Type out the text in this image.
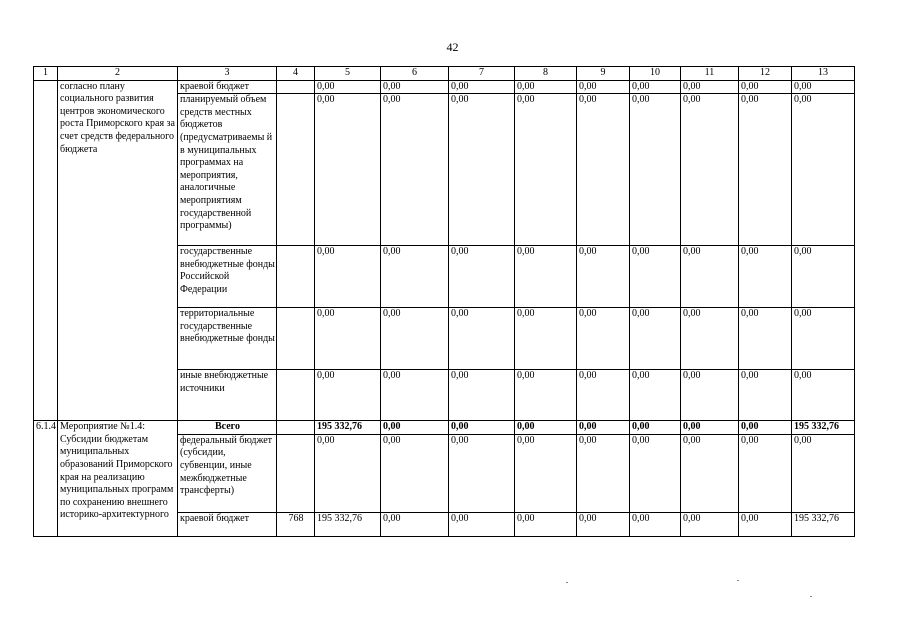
42
1	2	3	4	5	6	7	8	9	10	11	12	13
	согласно плану социального развития центров экономического роста Приморского края за счет средств федерального бюджета	краевой бюджет		0,00	0,00	0,00	0,00	0,00	0,00	0,00	0,00	0,00
		планируемый объем средств местных бюджетов (предусматриваемы й в муниципальных программах на мероприятия, аналогичные мероприятиям государственной программы)		0,00	0,00	0,00	0,00	0,00	0,00	0,00	0,00	0,00
		государственные внебюджетные фонды Российской Федерации		0,00	0,00	0,00	0,00	0,00	0,00	0,00	0,00	0,00
		территориальные государственные внебюджетные фонды		0,00	0,00	0,00	0,00	0,00	0,00	0,00	0,00	0,00
		иные внебюджетные источники		0,00	0,00	0,00	0,00	0,00	0,00	0,00	0,00	0,00
6.1.4	Мероприятие №1.4: Субсидии бюджетам муниципальных образований Приморского края на реализацию муниципальных программ по сохранению внешнего историко-архитектурного	Всего		195 332,76	0,00	0,00	0,00	0,00	0,00	0,00	0,00	195 332,76
		федеральный бюджет (субсидии, субвенции, иные межбюджетные трансферты)		0,00	0,00	0,00	0,00	0,00	0,00	0,00	0,00	0,00
		краевой бюджет	768	195 332,76	0,00	0,00	0,00	0,00	0,00	0,00	0,00	195 332,76
